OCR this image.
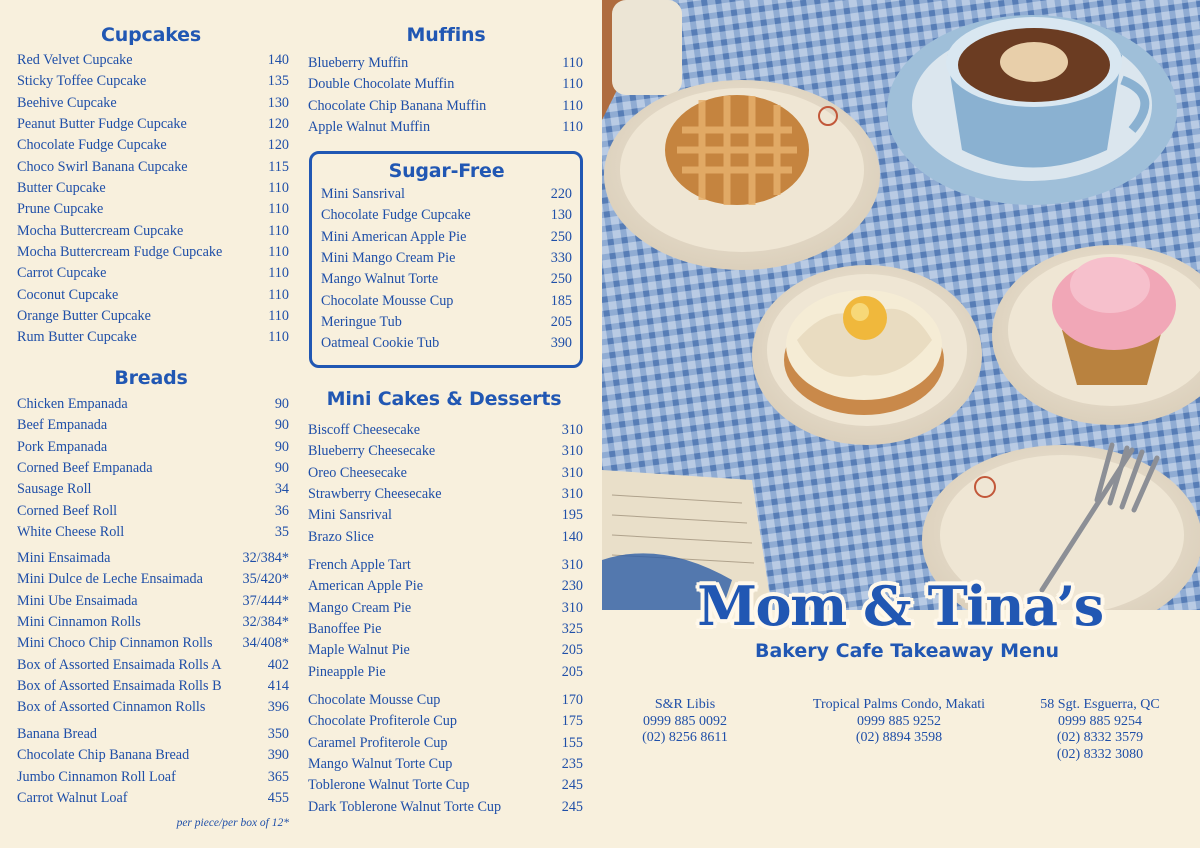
Cupcakes
Red Velvet Cupcake	140
Sticky Toffee Cupcake	135
Beehive Cupcake	130
Peanut Butter Fudge Cupcake	120
Chocolate Fudge Cupcake	120
Choco Swirl Banana Cupcake	115
Butter Cupcake	110
Prune Cupcake	110
Mocha Buttercream Cupcake	110
Mocha Buttercream Fudge Cupcake	110
Carrot Cupcake	110
Coconut Cupcake	110
Orange Butter Cupcake	110
Rum Butter Cupcake	110
Breads
Chicken Empanada	90
Beef Empanada	90
Pork Empanada	90
Corned Beef Empanada	90
Sausage Roll	34
Corned Beef Roll	36
White Cheese Roll	35
Mini Ensaimada	32/384*
Mini Dulce de Leche Ensaimada	35/420*
Mini Ube Ensaimada	37/444*
Mini Cinnamon Rolls	32/384*
Mini Choco Chip Cinnamon Rolls 34/408*
Box of Assorted Ensaimada Rolls A	402
Box of Assorted Ensaimada Rolls B	414
Box of Assorted Cinnamon Rolls	396
Banana Bread	350
Chocolate Chip Banana Bread	390
Jumbo Cinnamon Roll Loaf	365
Carrot Walnut Loaf	455

per piece/per box of 12*

Muffins
Blueberry Muffin	110
Double Chocolate Muffin	110
Chocolate Chip Banana Muffin	110
Apple Walnut Muffin	110
Sugar-Free
Mini Sansrival	220
Chocolate Fudge Cupcake	130
Mini American Apple Pie	250
Mini Mango Cream Pie	330
Mango Walnut Torte	250
Chocolate Mousse Cup	185
Meringue Tub	205
Oatmeal Cookie Tub	390
Mini Cakes & Desserts
Biscoff Cheesecake	310
Blueberry Cheesecake	310
Oreo Cheesecake	310
Strawberry Cheesecake	310
Mini Sansrival	195
Brazo Slice	140
French Apple Tart	310
American Apple Pie	230
Mango Cream Pie	310
Banoffee Pie	325
Maple Walnut Pie	205
Pineapple Pie	205
Chocolate Mousse Cup	170
Chocolate Profiterole Cup	175
Caramel Profiterole Cup	155
Mango Walnut Torte Cup	235
Toblerone Walnut Torte Cup	245
Dark Toblerone Walnut Torte Cup	245
Mom & Tina’s
Bakery Cafe Takeaway Menu
S&R Libis
0999 885 0092
(02) 8256 8611
Tropical Palms Condo, Makati
0999 885 9252
(02) 8894 3598
58 Sgt. Esguerra, QC
0999 885 9254
(02) 8332 3579
(02) 8332 3080
